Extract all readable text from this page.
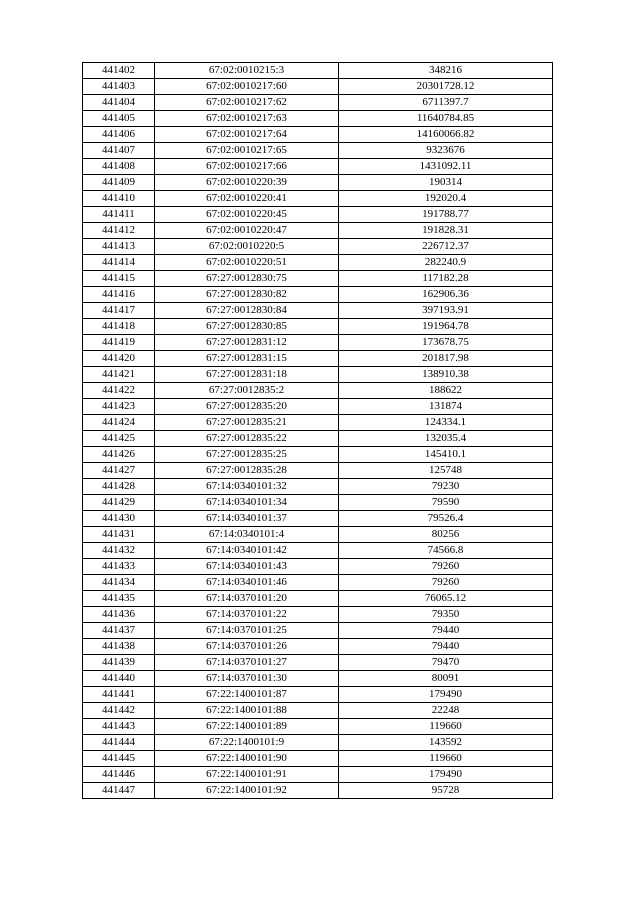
441402	67:02:0010215:3	348216
441403	67:02:0010217:60	20301728.12
441404	67:02:0010217:62	6711397.7
441405	67:02:0010217:63	11640784.85
441406	67:02:0010217:64	14160066.82
441407	67:02:0010217:65	9323676
441408	67:02:0010217:66	1431092.11
441409	67:02:0010220:39	190314
441410	67:02:0010220:41	192020.4
441411	67:02:0010220:45	191788.77
441412	67:02:0010220:47	191828.31
441413	67:02:0010220:5	226712.37
441414	67:02:0010220:51	282240.9
441415	67:27:0012830:75	117182.28
441416	67:27:0012830:82	162906.36
441417	67:27:0012830:84	397193.91
441418	67:27:0012830:85	191964.78
441419	67:27:0012831:12	173678.75
441420	67:27:0012831:15	201817.98
441421	67:27:0012831:18	138910.38
441422	67:27:0012835:2	188622
441423	67:27:0012835:20	131874
441424	67:27:0012835:21	124334.1
441425	67:27:0012835:22	132035.4
441426	67:27:0012835:25	145410.1
441427	67:27:0012835:28	125748
441428	67:14:0340101:32	79230
441429	67:14:0340101:34	79590
441430	67:14:0340101:37	79526.4
441431	67:14:0340101:4	80256
441432	67:14:0340101:42	74566.8
441433	67:14:0340101:43	79260
441434	67:14:0340101:46	79260
441435	67:14:0370101:20	76065.12
441436	67:14:0370101:22	79350
441437	67:14:0370101:25	79440
441438	67:14:0370101:26	79440
441439	67:14:0370101:27	79470
441440	67:14:0370101:30	80091
441441	67:22:1400101:87	179490
441442	67:22:1400101:88	22248
441443	67:22:1400101:89	119660
441444	67:22:1400101:9	143592
441445	67:22:1400101:90	119660
441446	67:22:1400101:91	179490
441447	67:22:1400101:92	95728
